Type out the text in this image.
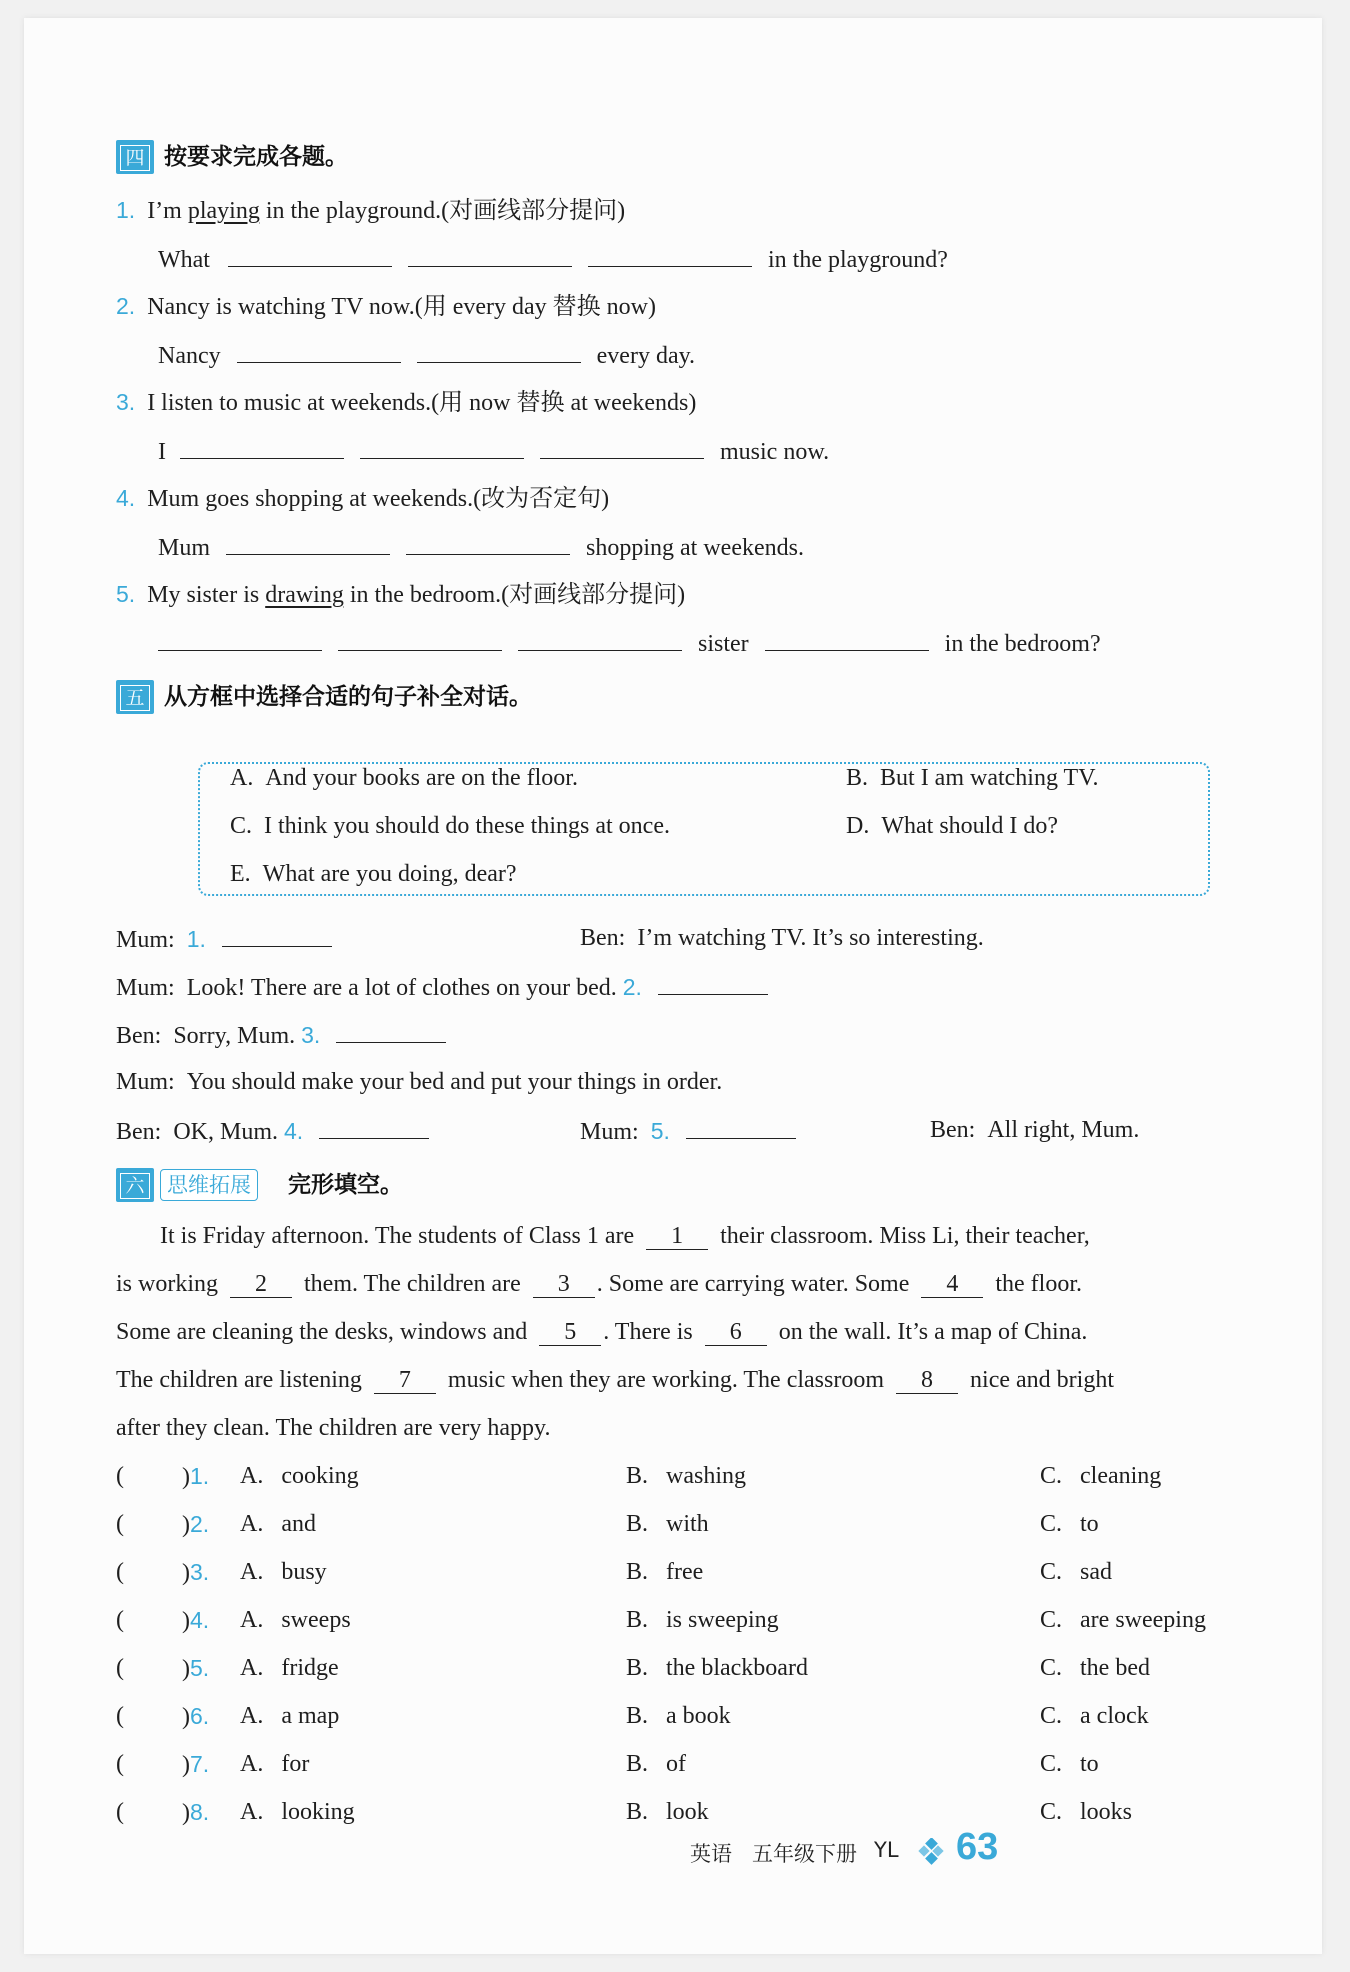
四 按要求完成各题。
1. I’m playing in the playground.(对画线部分提问)
What	in the playground?
2. Nancy is watching TV now.(用 every day 替换 now)
Nancy	every day.
3. I listen to music at weekends.(用 now 替换 at weekends)
I	music now.
4. Mum goes shopping at weekends.(改为否定句)
Mum	shopping at weekends.
5. My sister is drawing in the bedroom.(对画线部分提问)
sister	in the bedroom?
五 从方框中选择合适的句子补全对话。
A. And your books are on the floor.	B. But I am watching TV.
C. I think you should do these things at once.	D. What should I do?
E. What are you doing, dear?
Mum: 1.	Ben: I’m watching TV. It’s so interesting.
Mum: Look! There are a lot of clothes on your bed. 2.
Ben: Sorry, Mum. 3.
Mum: You should make your bed and put your things in order.
Ben: OK, Mum. 4.	Mum: 5.	Ben: All right, Mum.
六	思维拓展	完形填空。
It is Friday afternoon. The students of Class 1 are 1 their classroom. Miss Li, their teacher,
is working 2 them. The children are 3 . Some are carrying water. Some 4 the floor.
Some are cleaning the desks, windows and 5 . There is 6 on the wall. It’s a map of China.
The children are listening 7 music when they are working. The classroom 8 nice and bright
after they clean. The children are very happy.
( )1. A. cooking	B. washing	C. cleaning
( )2. A. and	B. with	C. to
( )3. A. busy	B. free	C. sad
( )4. A. sweeps	B. is sweeping	C. are sweeping
( )5. A. fridge	B. the blackboard	C. the bed
( )6. A. a map	B. a book	C. a clock
( )7. A. for	B. of	C. to
( )8. A. looking	B. look	C. looks
英语 五年级下册 YL 63
